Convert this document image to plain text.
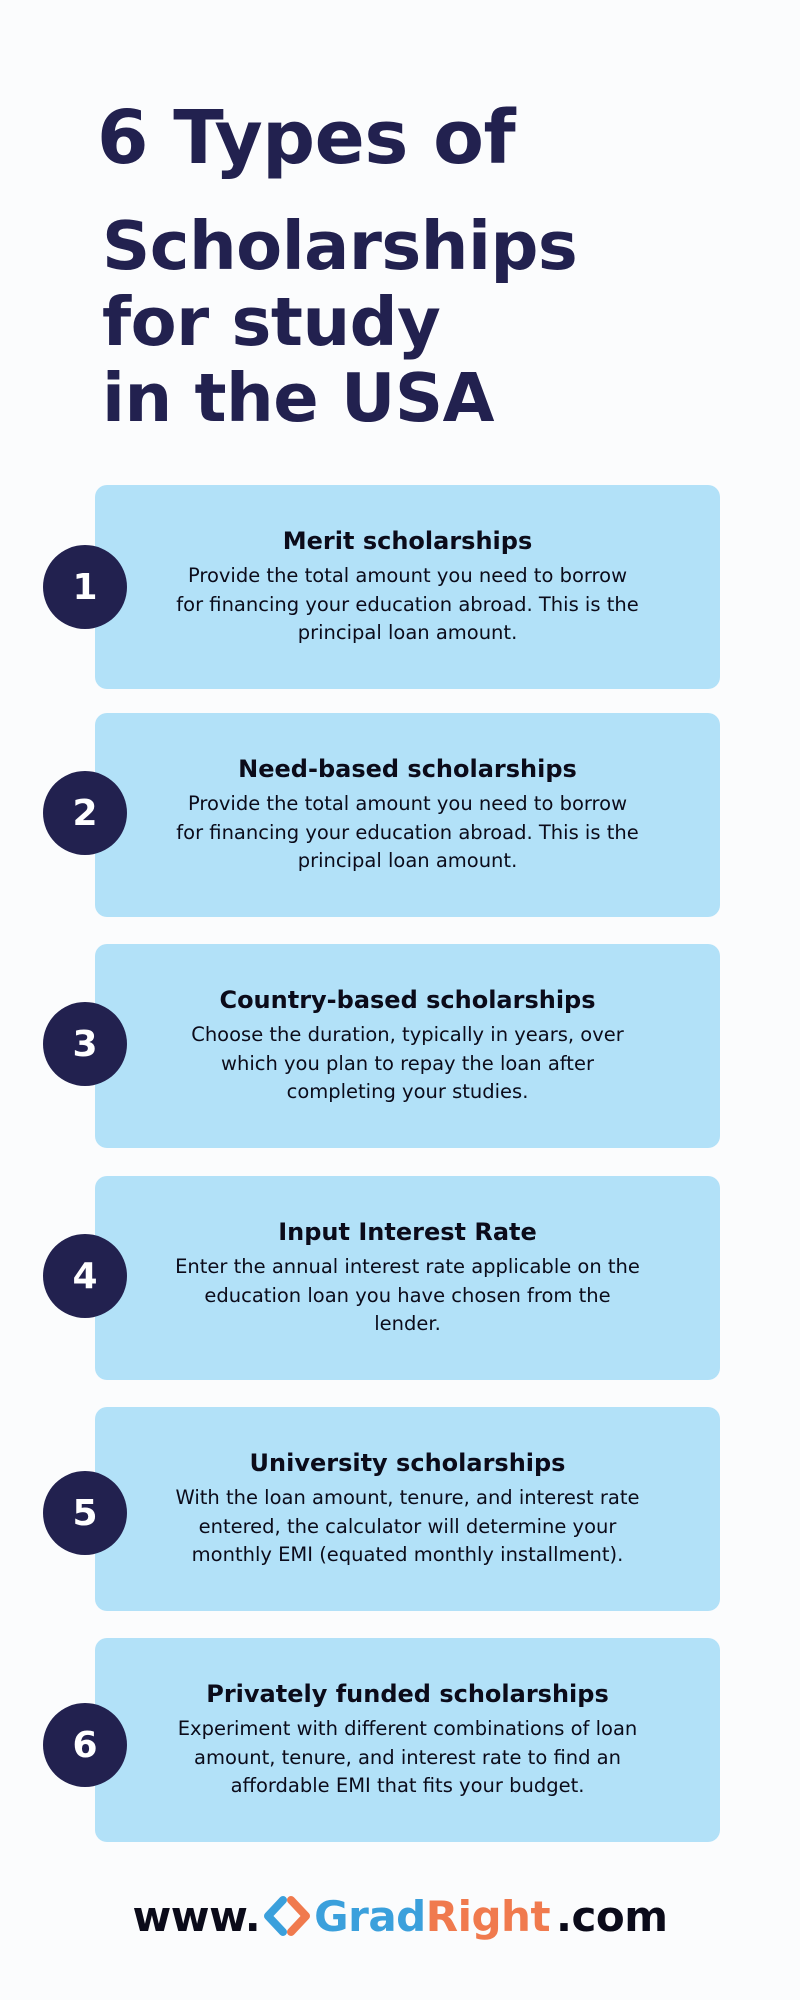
6 Types of
Scholarships
for study
in the USA
Merit scholarships
Provide the total amount you need to borrow for financing your education abroad. This is the principal loan amount.
1
Need-based scholarships
Provide the total amount you need to borrow for financing your education abroad. This is the principal loan amount.
2
Country-based scholarships
Choose the duration, typically in years, over which you plan to repay the loan after completing your studies.
3
Input Interest Rate
Enter the annual interest rate applicable on the education loan you have chosen from the lender.
4
University scholarships
With the loan amount, tenure, and interest rate entered, the calculator will determine your monthly EMI (equated monthly installment).
5
Privately funded scholarships
Experiment with different combinations of loan amount, tenure, and interest rate to find an affordable EMI that fits your budget.
6
www. Grad Right .com
